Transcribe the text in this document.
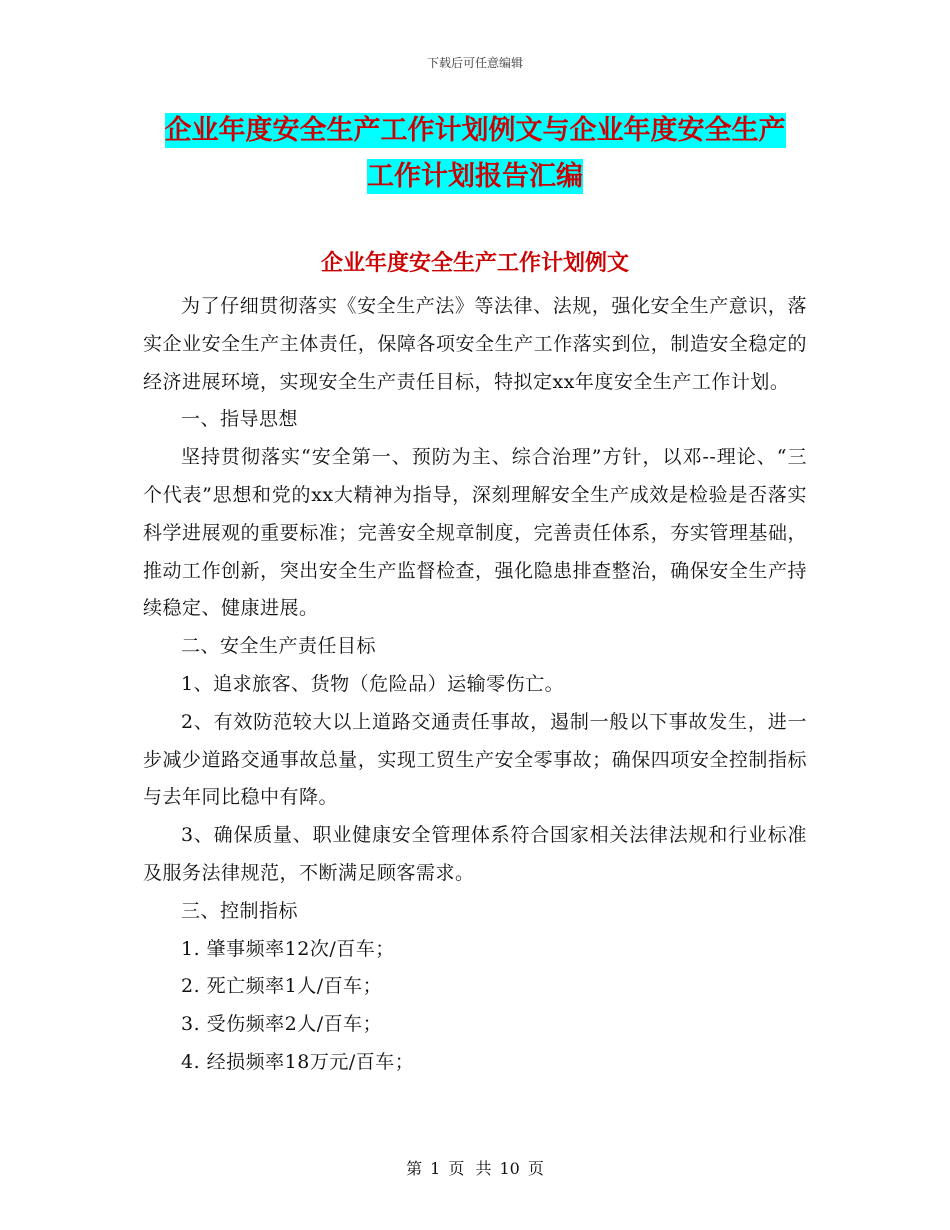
下载后可任意编辑
企业年度安全生产工作计划例文与企业年度安全生产
工作计划报告汇编
企业年度安全生产工作计划例文

为了仔细贯彻落实《安全生产法》等法律、法规，强化安全生产意识，落实企业安全生产主体责任，保障各项安全生产工作落实到位，制造安全稳定的经济进展环境，实现安全生产责任目标，特拟定xx年度安全生产工作计划。

一、指导思想

坚持贯彻落实“安全第一、预防为主、综合治理”方针，以邓--理论、“三个代表”思想和党的xx大精神为指导，深刻理解安全生产成效是检验是否落实科学进展观的重要标准；完善安全规章制度，完善责任体系，夯实管理基础，推动工作创新，突出安全生产监督检查，强化隐患排查整治，确保安全生产持续稳定、健康进展。

二、安全生产责任目标

1、追求旅客、货物（危险品）运输零伤亡。

2、有效防范较大以上道路交通责任事故，遏制一般以下事故发生，进一步减少道路交通事故总量，实现工贸生产安全零事故；确保四项安全控制指标与去年同比稳中有降。

3、确保质量、职业健康安全管理体系符合国家相关法律法规和行业标准及服务法律规范，不断满足顾客需求。

三、控制指标

1. 肇事频率12次/百车；

2. 死亡频率1人/百车；

3. 受伤频率2人/百车；

4. 经损频率18万元/百车；

第 1 页 共 10 页
